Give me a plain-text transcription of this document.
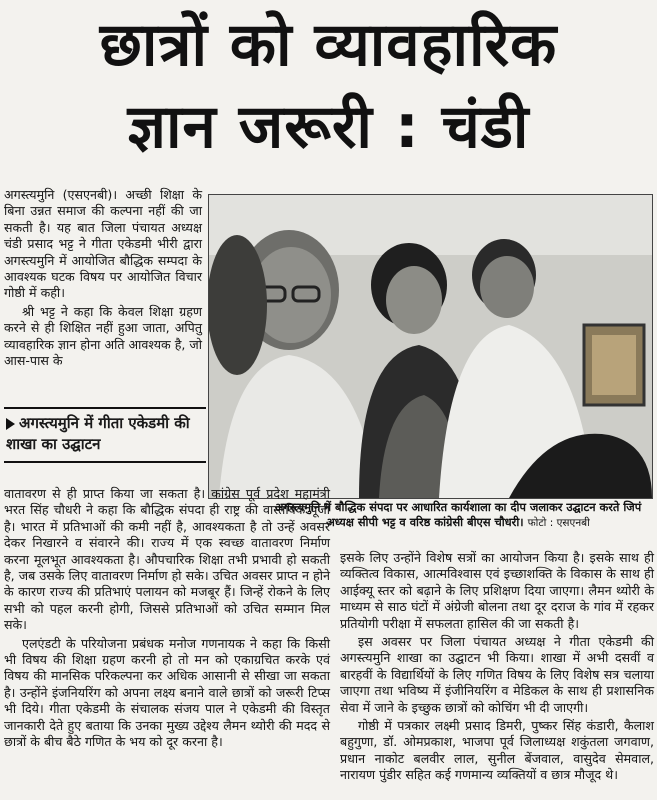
छात्रों को व्यावहारिक
ज्ञान जरूरी : चंडी

अगस्त्यमुनि (एसएनबी)। अच्छी शिक्षा के बिना उन्नत समाज की कल्पना नहीं की जा सकती है। यह बात जिला पंचायत अध्यक्ष चंडी प्रसाद भट्ट ने गीता एकेडमी भीरी द्वारा अगस्त्यमुनि में आयोजित बौद्धिक सम्पदा के आवश्यक घटक विषय पर आयोजित विचार गोष्ठी में कही।

श्री भट्ट ने कहा कि केवल शिक्षा ग्रहण करने से ही शिक्षित नहीं हुआ जाता, अपितु व्यावहारिक ज्ञान होना अति आवश्यक है, जो आस-पास के

अगस्त्यमुनि में गीता एकेडमी की शाखा का उद्घाटन
अगस्त्यमुनि में बौद्धिक संपदा पर आधारित कार्यशाला का दीप जलाकर उद्घाटन करते जिपं अध्यक्ष सीपी भट्ट व वरिष्ठ कांग्रेसी बीएस चौधरी। फोटो : एसएनबी

वातावरण से ही प्राप्त किया जा सकता है। कांग्रेस पूर्व प्रदेश महामंत्री भरत सिंह चौधरी ने कहा कि बौद्धिक संपदा ही राष्ट्र की वास्तविक पूंजी है। भारत में प्रतिभाओं की कमी नहीं है, आवश्यकता है तो उन्हें अवसर देकर निखारने व संवारने की। राज्य में एक स्वच्छ वातावरण निर्माण करना मूलभूत आवश्यकता है। औपचारिक शिक्षा तभी प्रभावी हो सकती है, जब उसके लिए वातावरण निर्माण हो सके। उचित अवसर प्राप्त न होने के कारण राज्य की प्रतिभाएं पलायन को मजबूर हैं। जिन्हें रोकने के लिए सभी को पहल करनी होगी, जिससे प्रतिभाओं को उचित सम्मान मिल सके।

एलएंडटी के परियोजना प्रबंधक मनोज गणनायक ने कहा कि किसी भी विषय की शिक्षा ग्रहण करनी हो तो मन को एकाग्रचित करके एवं विषय की मानसिक परिकल्पना कर अधिक आसानी से सीखा जा सकता है। उन्होंने इंजनियरिंग को अपना लक्ष्य बनाने वाले छात्रों को जरूरी टिप्स भी दिये। गीता एकेडमी के संचालक संजय पाल ने एकेडमी की विस्तृत जानकारी देते हुए बताया कि उनका मुख्य उद्देश्य लैमन थ्योरी की मदद से छात्रों के बीच बैठे गणित के भय को दूर करना है।

इसके लिए उन्होंने विशेष सत्रों का आयोजन किया है। इसके साथ ही व्यक्तित्व विकास, आत्मविश्वास एवं इच्छाशक्ति के विकास के साथ ही आईक्यू स्तर को बढ़ाने के लिए प्रशिक्षण दिया जाएगा। लैमन थ्योरी के माध्यम से साठ घंटों में अंग्रेजी बोलना तथा दूर दराज के गांव में रहकर प्रतियोगी परीक्षा में सफलता हासिल की जा सकती है।

इस अवसर पर जिला पंचायत अध्यक्ष ने गीता एकेडमी की अगस्त्यमुनि शाखा का उद्घाटन भी किया। शाखा में अभी दसवीं व बारहवीं के विद्यार्थियों के लिए गणित विषय के लिए विशेष सत्र चलाया जाएगा तथा भविष्य में इंजीनियरिंग व मेडिकल के साथ ही प्रशासनिक सेवा में जाने के इच्छुक छात्रों को कोचिंग भी दी जाएगी।

गोष्ठी में पत्रकार लक्ष्मी प्रसाद डिमरी, पुष्कर सिंह कंडारी, कैलाश बहुगुणा, डॉ. ओमप्रकाश, भाजपा पूर्व जिलाध्यक्ष शकुंतला जगवाण, प्रधान नाकोट बलवीर लाल, सुनील बेंजवाल, वासुदेव सेमवाल, नारायण पुंडीर सहित कई गणमान्य व्यक्तियों व छात्र मौजूद थे।
